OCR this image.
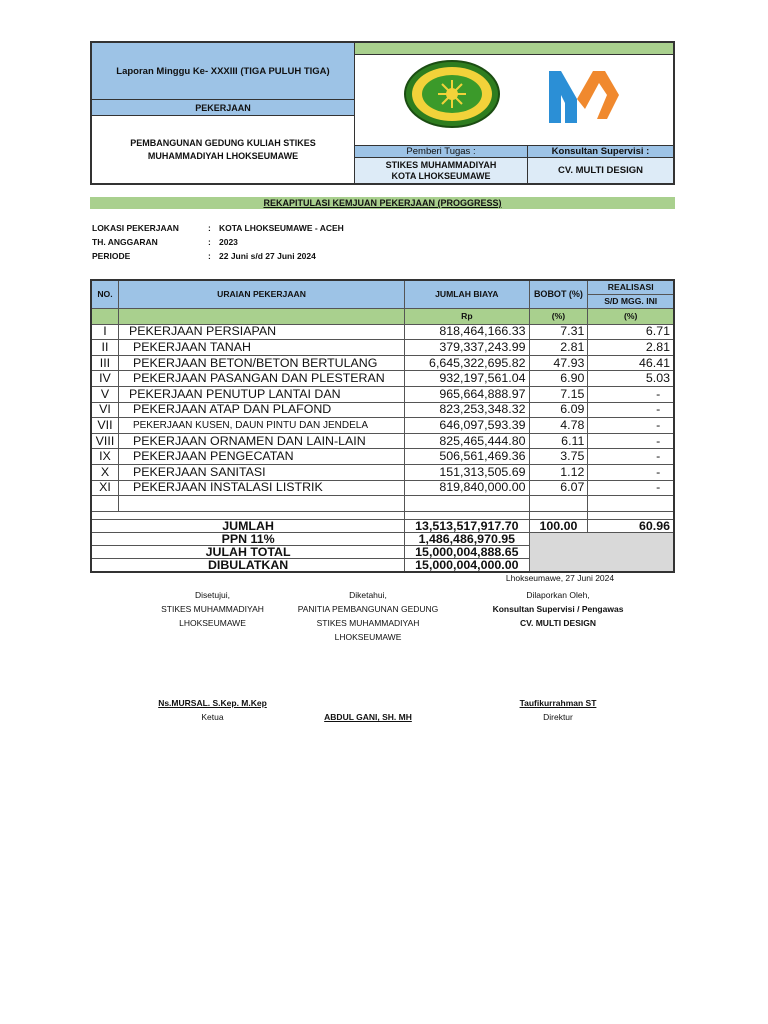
Laporan Minggu Ke- XXXIII (TIGA PULUH TIGA)
PEKERJAAN
PEMBANGUNAN GEDUNG KULIAH STIKES
MUHAMMADIYAH LHOKSEUMAWE	Pemberi Tugas :	Konsultan Supervisi :
STIKES MUHAMMADIYAH
KOTA LHOKSEUMAWE	CV. MULTI DESIGN
REKAPITULASI KEMJUAN PEKERJAAN (PROGGRESS)
LOKASI PEKERJAAN	: KOTA LHOKSEUMAWE - ACEH
TH. ANGGARAN	: 2023
PERIODE	: 22 Juni s/d 27 Juni 2024
NO.	URAIAN PEKERJAAN	JUMLAH BIAYA	BOBOT (%)	REALISASI
				S/D MGG. INI
		Rp	(%)	(%)
I	PEKERJAAN PERSIAPAN	818,464,166.33	7.31	6.71
II	PEKERJAAN TANAH	379,337,243.99	2.81	2.81
III	PEKERJAAN BETON/BETON BERTULANG	6,645,322,695.82	47.93	46.41
IV	PEKERJAAN PASANGAN DAN PLESTERAN	932,197,561.04	6.90	5.03
V	PEKERJAAN PENUTUP LANTAI DAN	965,664,888.97	7.15	-
VI	PEKERJAAN ATAP DAN PLAFOND	823,253,348.32	6.09	-
VII	PEKERJAAN KUSEN, DAUN PINTU DAN JENDELA	646,097,593.39	4.78	-
VIII	PEKERJAAN ORNAMEN DAN LAIN-LAIN	825,465,444.80	6.11	-
IX	PEKERJAAN PENGECATAN	506,561,469.36	3.75	-
X	PEKERJAAN SANITASI	151,313,505.69	1.12	-
XI	PEKERJAAN INSTALASI LISTRIK	819,840,000.00	6.07	-

JUMLAH		13,513,517,917.70	100.00	60.96
PPN 11%		1,486,486,970.95		
JULAH TOTAL		15,000,004,888.65		
DIBULATKAN		15,000,004,000.00		
Lhokseumawe, 27 Juni 2024
Disetujui,
STIKES MUHAMMADIYAH
LHOKSEUMAWE
Ns.MURSAL. S.Kep. M.Kep
Ketua
Diketahui,
PANITIA PEMBANGUNAN GEDUNG
STIKES MUHAMMADIYAH LHOKSEUMAWE
ABDUL GANI, SH. MH
Dilaporkan Oleh,
Konsultan Supervisi / Pengawas
CV. MULTI DESIGN
Taufikurrahman ST
Direktur
